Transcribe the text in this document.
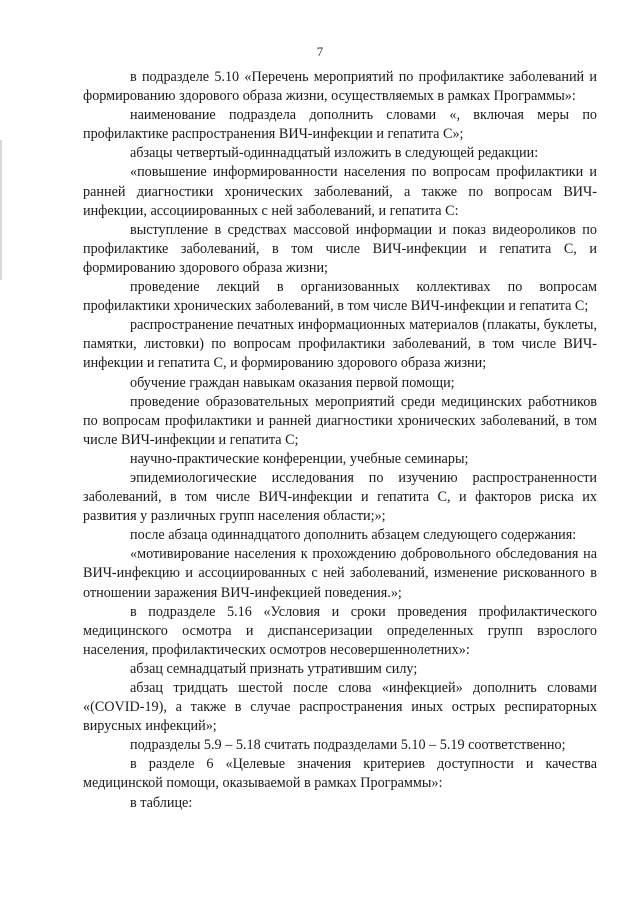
7

в подразделе 5.10 «Перечень мероприятий по профилактике заболеваний и формированию здорового образа жизни, осуществляемых в рамках Программы»:

наименование подраздела дополнить словами «, включая меры по профилактике распространения ВИЧ-инфекции и гепатита С»;

абзацы четвертый-одиннадцатый изложить в следующей редакции:

«повышение информированности населения по вопросам профилактики и ранней диагностики хронических заболеваний, а также по вопросам ВИЧ-инфекции, ассоциированных с ней заболеваний, и гепатита С:

выступление в средствах массовой информации и показ видеороликов по профилактике заболеваний, в том числе ВИЧ-инфекции и гепатита С, и формированию здорового образа жизни;

проведение лекций в организованных коллективах по вопросам профилактики хронических заболеваний, в том числе ВИЧ-инфекции и гепатита С;

распространение печатных информационных материалов (плакаты, буклеты, памятки, листовки) по вопросам профилактики заболеваний, в том числе ВИЧ-инфекции и гепатита С, и формированию здорового образа жизни;

обучение граждан навыкам оказания первой помощи;

проведение образовательных мероприятий среди медицинских работников по вопросам профилактики и ранней диагностики хронических заболеваний, в том числе ВИЧ-инфекции и гепатита С;

научно-практические конференции, учебные семинары;

эпидемиологические исследования по изучению распространенности заболеваний, в том числе ВИЧ-инфекции и гепатита С, и факторов риска их развития у различных групп населения области;»;

после абзаца одиннадцатого дополнить абзацем следующего содержания:

«мотивирование населения к прохождению добровольного обследования на ВИЧ-инфекцию и ассоциированных с ней заболеваний, изменение рискованного в отношении заражения ВИЧ-инфекцией поведения.»;

в подразделе 5.16 «Условия и сроки проведения профилактического медицинского осмотра и диспансеризации определенных групп взрослого населения, профилактических осмотров несовершеннолетних»:

абзац семнадцатый признать утратившим силу;

абзац тридцать шестой после слова «инфекцией» дополнить словами «(COVID-19), а также в случае распространения иных острых респираторных вирусных инфекций»;

подразделы 5.9 – 5.18 считать подразделами 5.10 – 5.19 соответственно;

в разделе 6 «Целевые значения критериев доступности и качества медицинской помощи, оказываемой в рамках Программы»:

в таблице:
